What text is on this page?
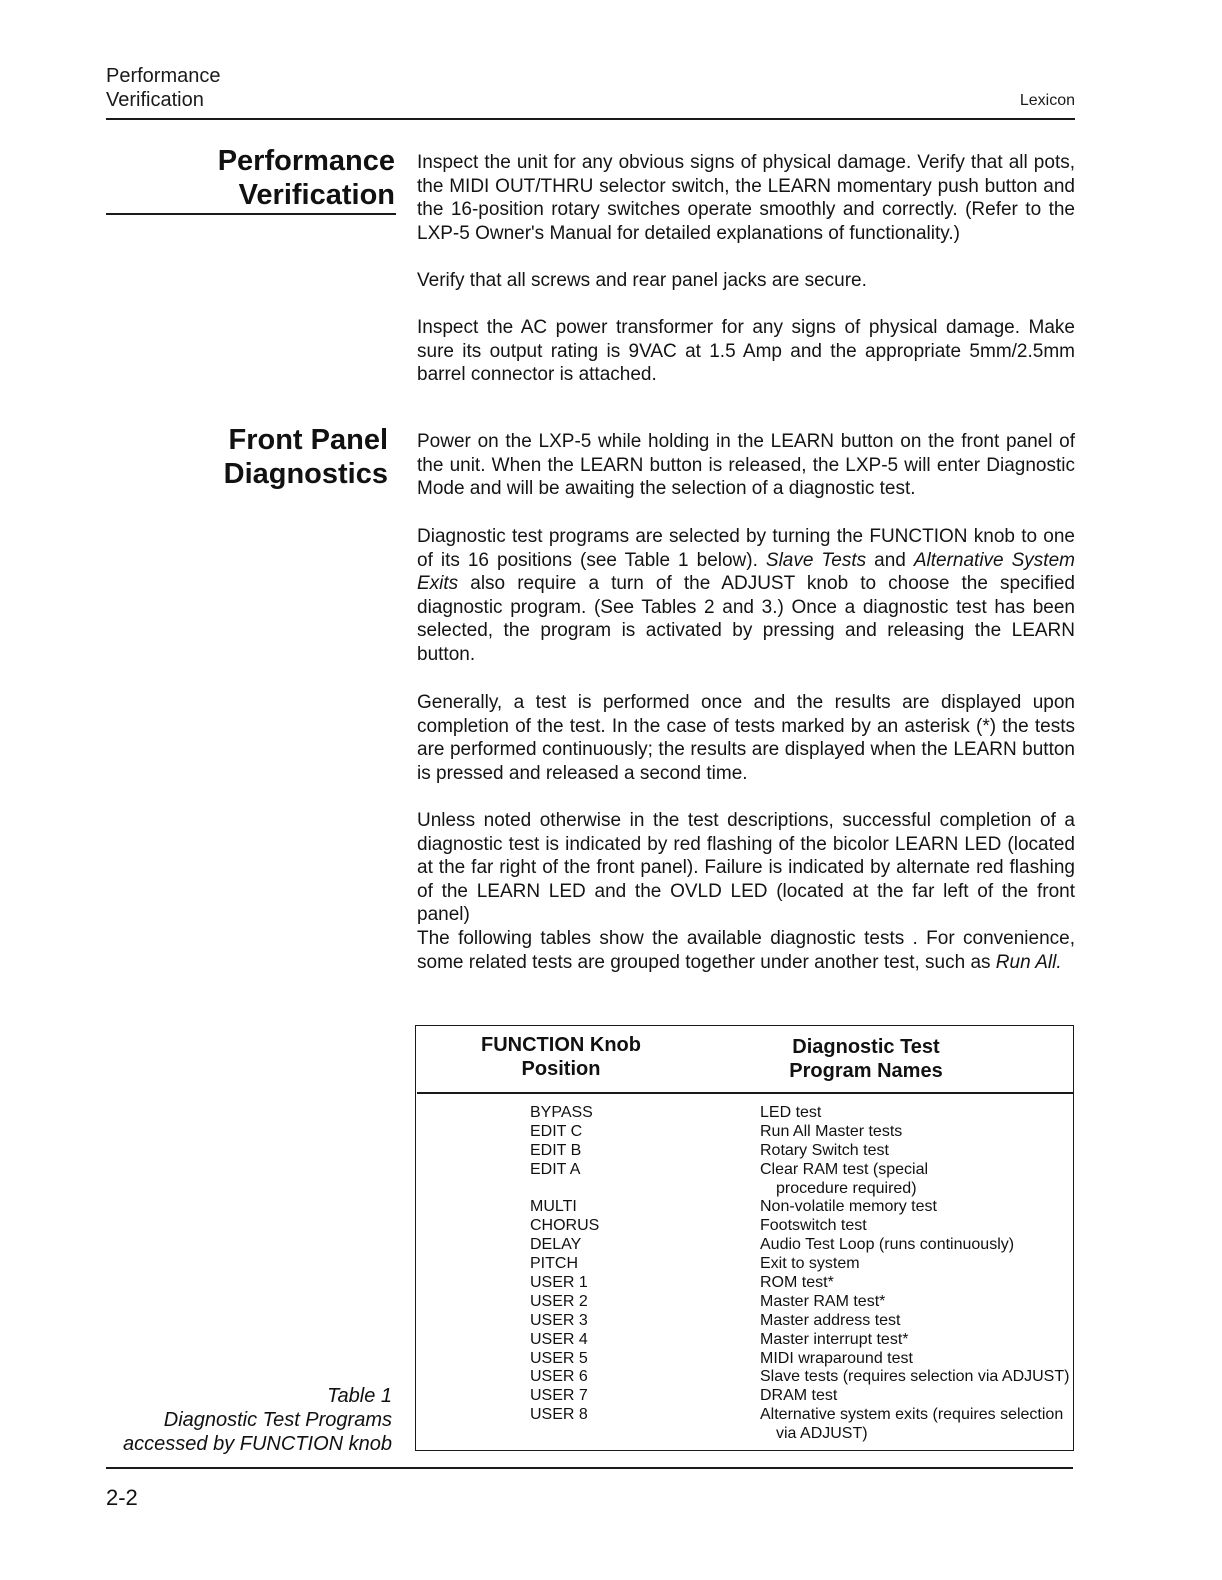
Performance
Verification	Lexicon
Performance
Verification

Inspect the unit for any obvious signs of physical damage. Verify that all pots, the MIDI OUT/THRU selector switch, the LEARN momentary push button and the 16-position rotary switches operate smoothly and correctly. (Refer to the LXP-5 Owner's Manual for detailed explanations of functionality.)

Verify that all screws and rear panel jacks are secure.

Inspect the AC power transformer for any signs of physical damage. Make sure its output rating is 9VAC at 1.5 Amp and the appropriate 5mm/2.5mm barrel connector is attached.

Front Panel
Diagnostics

Power on the LXP-5 while holding in the LEARN button on the front panel of the unit. When the LEARN button is released, the LXP-5 will enter Diagnostic Mode and will be awaiting the selection of a diagnostic test.

Diagnostic test programs are selected by turning the FUNCTION knob to one of its 16 positions (see Table 1 below). Slave Tests and Alternative System Exits also require a turn of the ADJUST knob to choose the specified diagnostic program. (See Tables 2 and 3.) Once a diagnostic test has been selected, the program is activated by pressing and releasing the LEARN button.

Generally, a test is performed once and the results are displayed upon completion of the test. In the case of tests marked by an asterisk (*) the tests are performed continuously; the results are displayed when the LEARN button is pressed and released a second time.

Unless noted otherwise in the test descriptions, successful completion of a diagnostic test is indicated by red flashing of the bicolor LEARN LED (located at the far right of the front panel). Failure is indicated by alternate red flashing of the LEARN LED and the OVLD LED (located at the far left of the front panel)

The following tables show the available diagnostic tests . For convenience, some related tests are grouped together under another test, such as Run All.

Table 1
Diagnostic Test Programs
accessed by FUNCTION knob
FUNCTION Knob
Position
Diagnostic Test
Program Names
BYPASS
EDIT C
EDIT B
EDIT A
MULTI
CHORUS
DELAY
PITCH
USER 1
USER 2
USER 3
USER 4
USER 5
USER 6
USER 7
USER 8
LED test
Run All Master tests
Rotary Switch test
Clear RAM test (special
procedure required)
Non-volatile memory test
Footswitch test
Audio Test Loop (runs continuously)
Exit to system
ROM test*
Master RAM test*
Master address test
Master interrupt test*
MIDI wraparound test
Slave tests (requires selection via ADJUST)
DRAM test
Alternative system exits (requires selection
via ADJUST)
2-2
